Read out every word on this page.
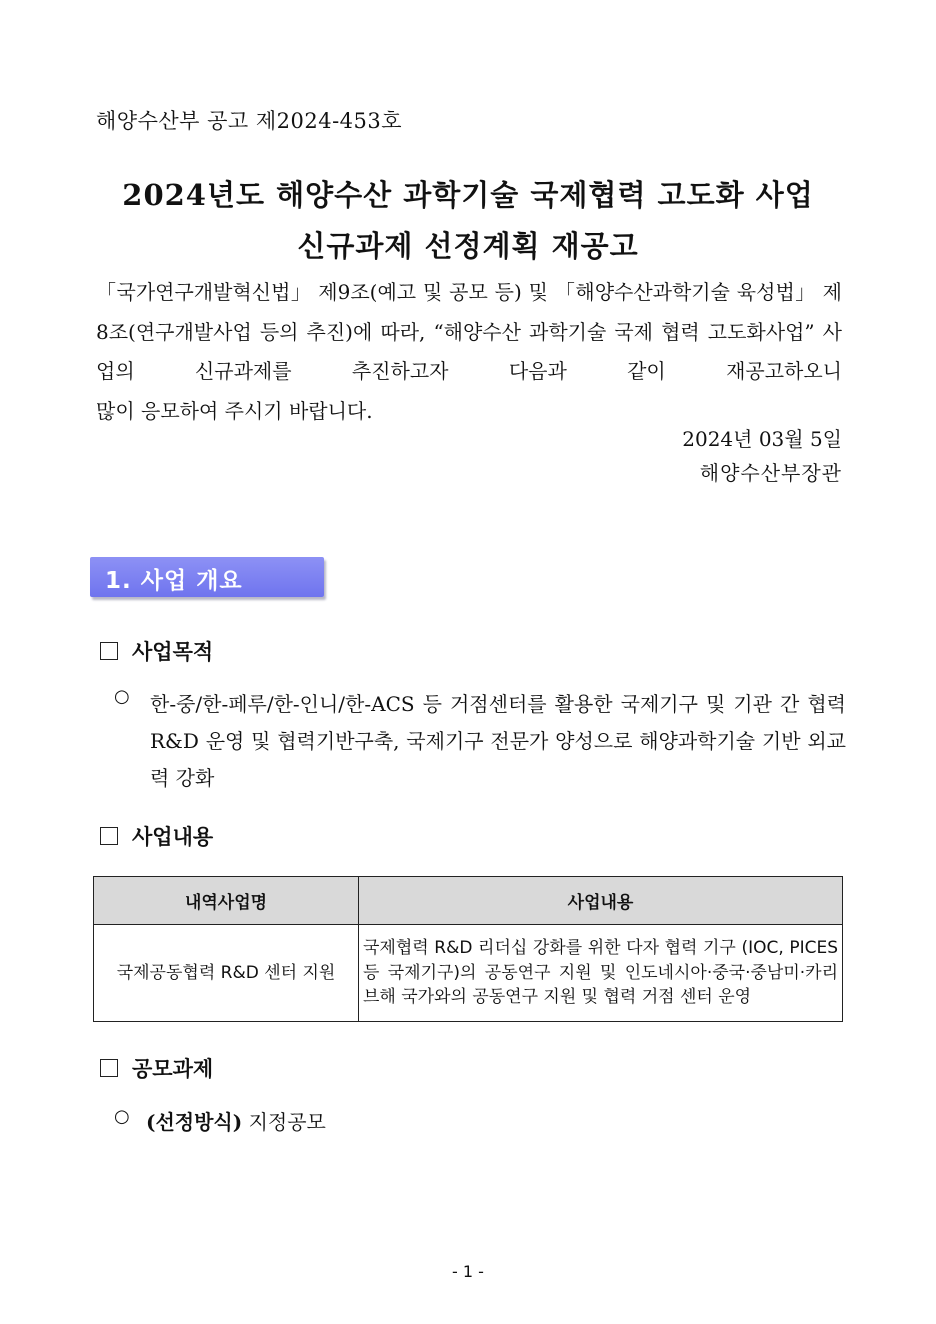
해양수산부 공고 제2024-453호
2024년도 해양수산 과학기술 국제협력 고도화 사업
신규과제 선정계획 재공고
「국가연구개발혁신법」 제9조(예고 및 공모 등) 및 「해양수산과학기술 육성법」 제8조(연구개발사업 등의 추진)에 따라, “해양수산 과학기술 국제 협력 고도화사업” 사업의 신규과제를 추진하고자 다음과 같이 재공고하오니
많이 응모하여 주시기 바랍니다.
2024년 03월 5일
해양수산부장관
1. 사업 개요
사업목적
○ 한-중/한-페루/한-인니/한-ACS 등 거점센터를 활용한 국제기구 및 기관 간 협력 R&D 운영 및 협력기반구축, 국제기구 전문가 양성으로 해양과학기술 기반 외교력 강화
사업내용
내역사업명	사업내용
국제공동협력 R&D 센터 지원	국제협력 R&D 리더십 강화를 위한 다자 협력 기구 (IOC, PICES 등 국제기구)의 공동연구 지원 및 인도네시아·중국·중남미·카리브해 국가와의 공동연구 지원 및 협력 거점 센터 운영
공모과제
○ (선정방식) 지정공모
- 1 -
